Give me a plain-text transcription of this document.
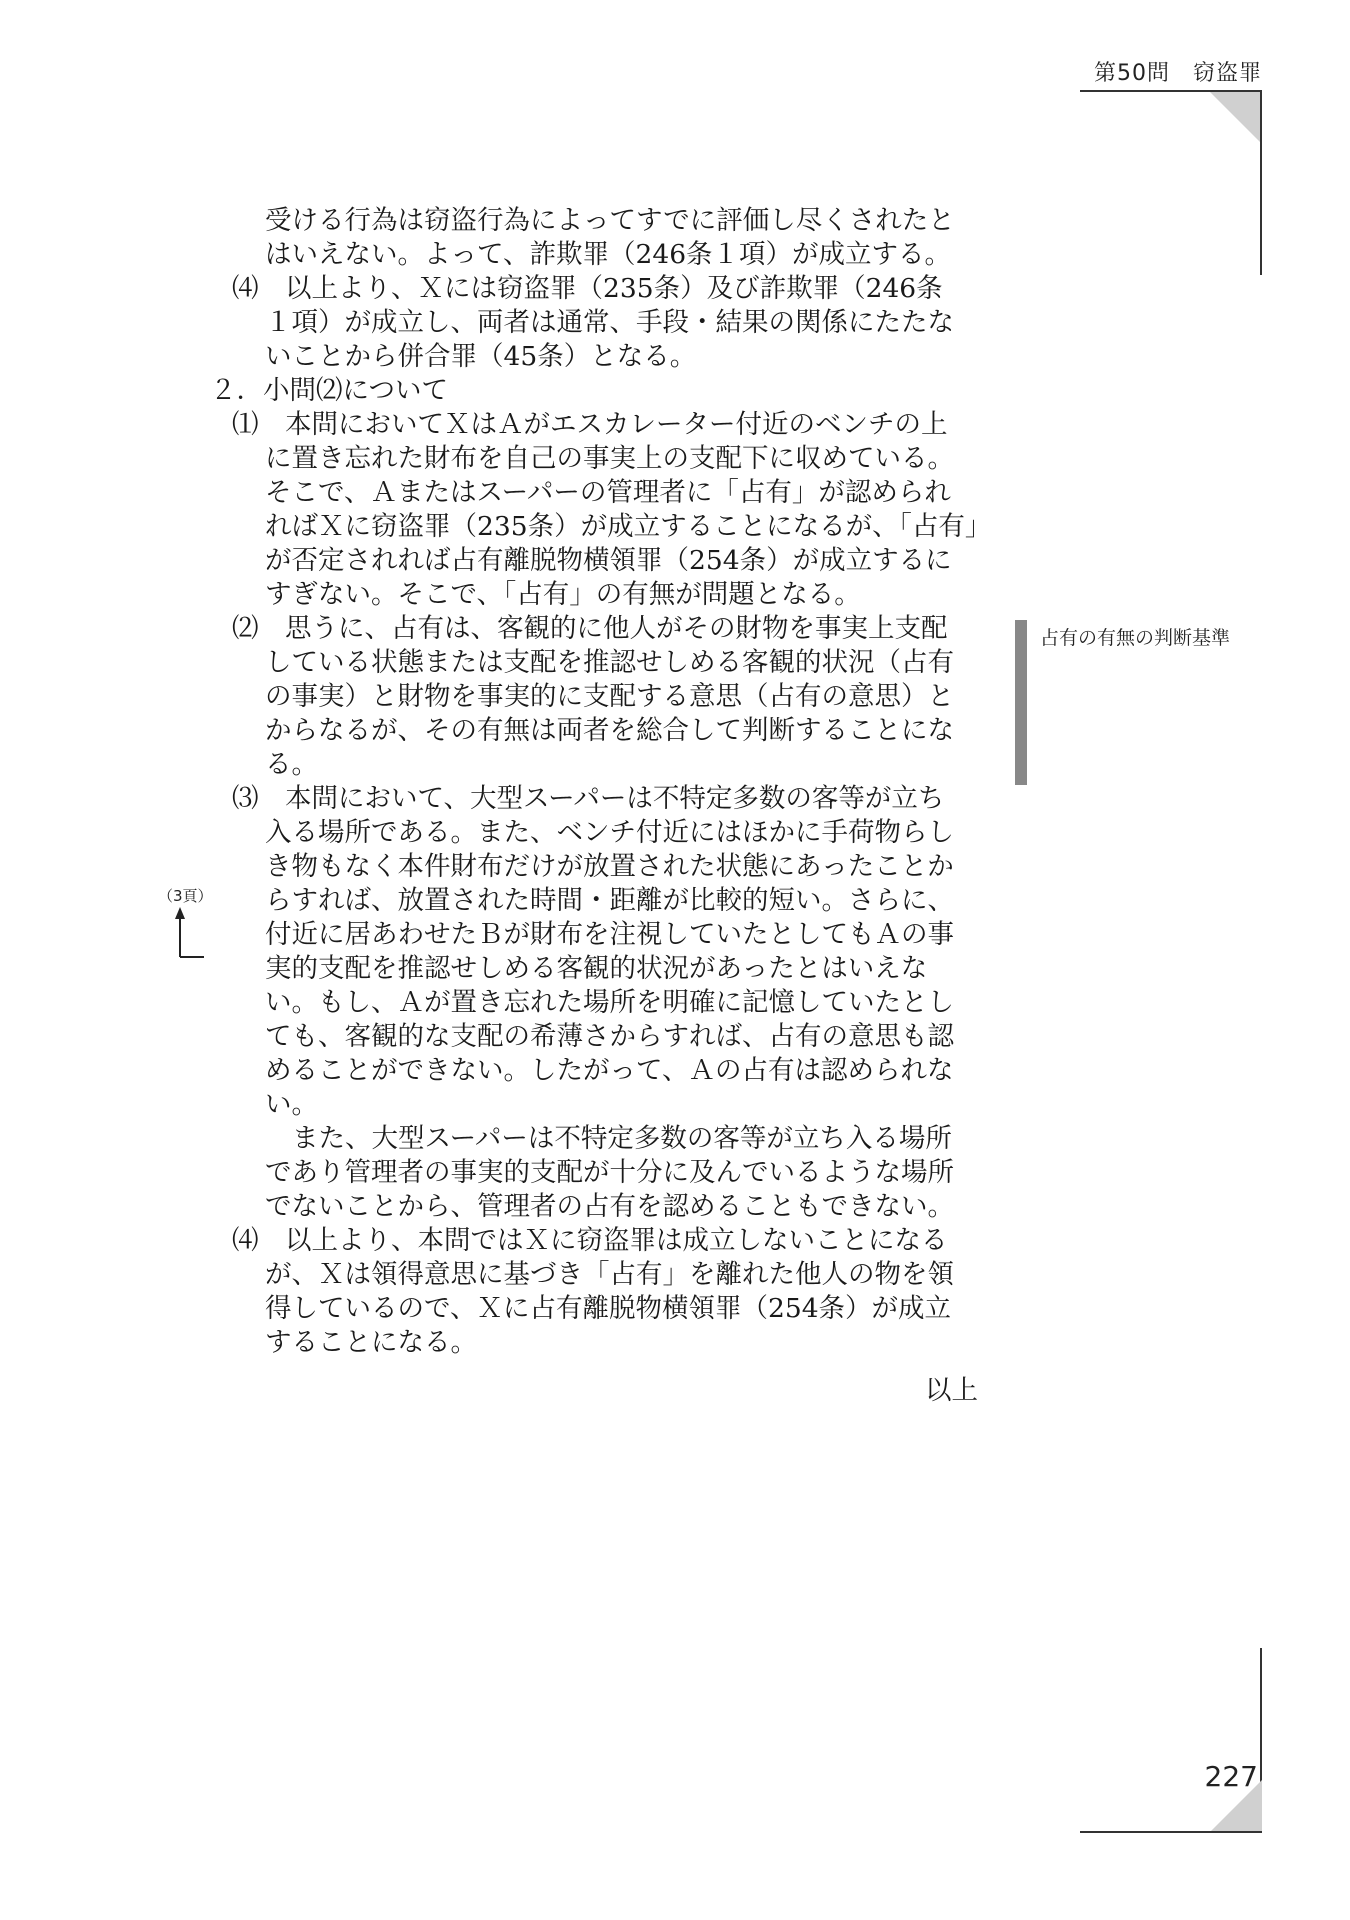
第50問　窃盗罪
227
受ける行為は窃盗行為によってすでに評価し尽くされたと
はいえない。よって、詐欺罪（246条１項）が成立する。
⑷　以上より、Ｘには窃盗罪（235条）及び詐欺罪（246条
１項）が成立し、両者は通常、手段・結果の関係にたたな
いことから併合罪（45条）となる。
２．小問⑵について
⑴　本問においてＸはＡがエスカレーター付近のベンチの上
に置き忘れた財布を自己の事実上の支配下に収めている。
そこで、Ａまたはスーパーの管理者に「占有」が認められ
ればＸに窃盗罪（235条）が成立することになるが、「占有」
が否定されれば占有離脱物横領罪（254条）が成立するに
すぎない。そこで、「占有」の有無が問題となる。
⑵　思うに、占有は、客観的に他人がその財物を事実上支配
している状態または支配を推認せしめる客観的状況（占有
の事実）と財物を事実的に支配する意思（占有の意思）と
からなるが、その有無は両者を総合して判断することにな
る。
⑶　本問において、大型スーパーは不特定多数の客等が立ち
入る場所である。また、ベンチ付近にはほかに手荷物らし
き物もなく本件財布だけが放置された状態にあったことか
らすれば、放置された時間・距離が比較的短い。さらに、
付近に居あわせたＢが財布を注視していたとしてもＡの事
実的支配を推認せしめる客観的状況があったとはいえな
い。もし、Ａが置き忘れた場所を明確に記憶していたとし
ても、客観的な支配の希薄さからすれば、占有の意思も認
めることができない。したがって、Ａの占有は認められな
い。
また、大型スーパーは不特定多数の客等が立ち入る場所
であり管理者の事実的支配が十分に及んでいるような場所
でないことから、管理者の占有を認めることもできない。
⑷　以上より、本問ではＸに窃盗罪は成立しないことになる
が、Ｘは領得意思に基づき「占有」を離れた他人の物を領
得しているので、Ｘに占有離脱物横領罪（254条）が成立
することになる。
以上
占有の有無の判断基準
（3頁）
